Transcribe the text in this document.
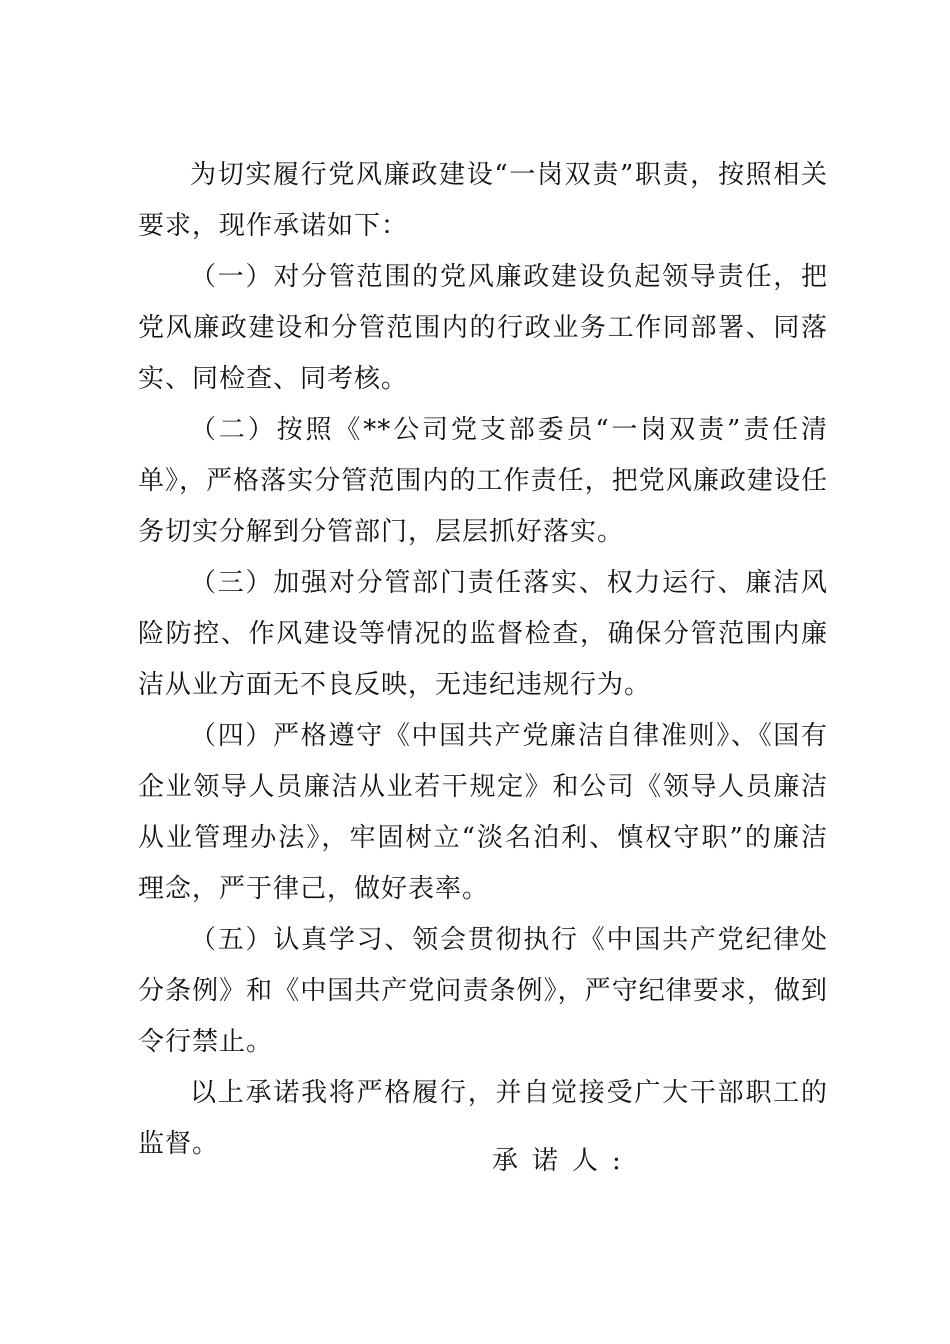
为切实履行党风廉政建设“一岗双责”职责，按照相关要求，现作承诺如下：

（一）对分管范围的党风廉政建设负起领导责任，把党风廉政建设和分管范围内的行政业务工作同部署、同落实、同检查、同考核。

（二）按照《**公司党支部委员“一岗双责”责任清单》，严格落实分管范围内的工作责任，把党风廉政建设任务切实分解到分管部门，层层抓好落实。

（三）加强对分管部门责任落实、权力运行、廉洁风险防控、作风建设等情况的监督检查，确保分管范围内廉洁从业方面无不良反映，无违纪违规行为。

（四）严格遵守《中国共产党廉洁自律准则》、《国有企业领导人员廉洁从业若干规定》和公司《领导人员廉洁从业管理办法》，牢固树立“淡名泊利、慎权守职”的廉洁理念，严于律己，做好表率。

（五）认真学习、领会贯彻执行《中国共产党纪律处分条例》和《中国共产党问责条例》，严守纪律要求，做到令行禁止。

以上承诺我将严格履行，并自觉接受广大干部职工的监督。

承诺人:
